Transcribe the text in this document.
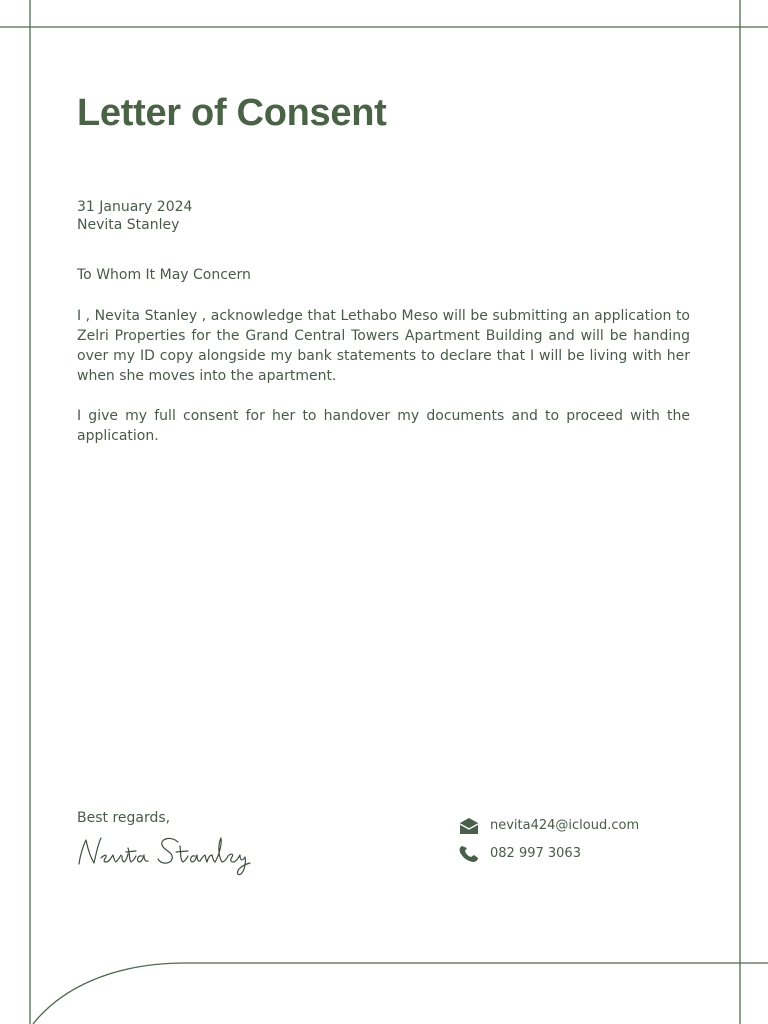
Letter of Consent
31 January 2024
Nevita Stanley
To Whom It May Concern

I , Nevita Stanley , acknowledge that Lethabo Meso will be submitting an application to Zelri Properties for the Grand Central Towers Apartment Building and will be handing over my ID copy alongside my bank statements to declare that I will be living with her when she moves into the apartment.

I give my full consent for her to handover my documents and to proceed with the application.

Best regards,	nevita424@icloud.com
082 997 3063
